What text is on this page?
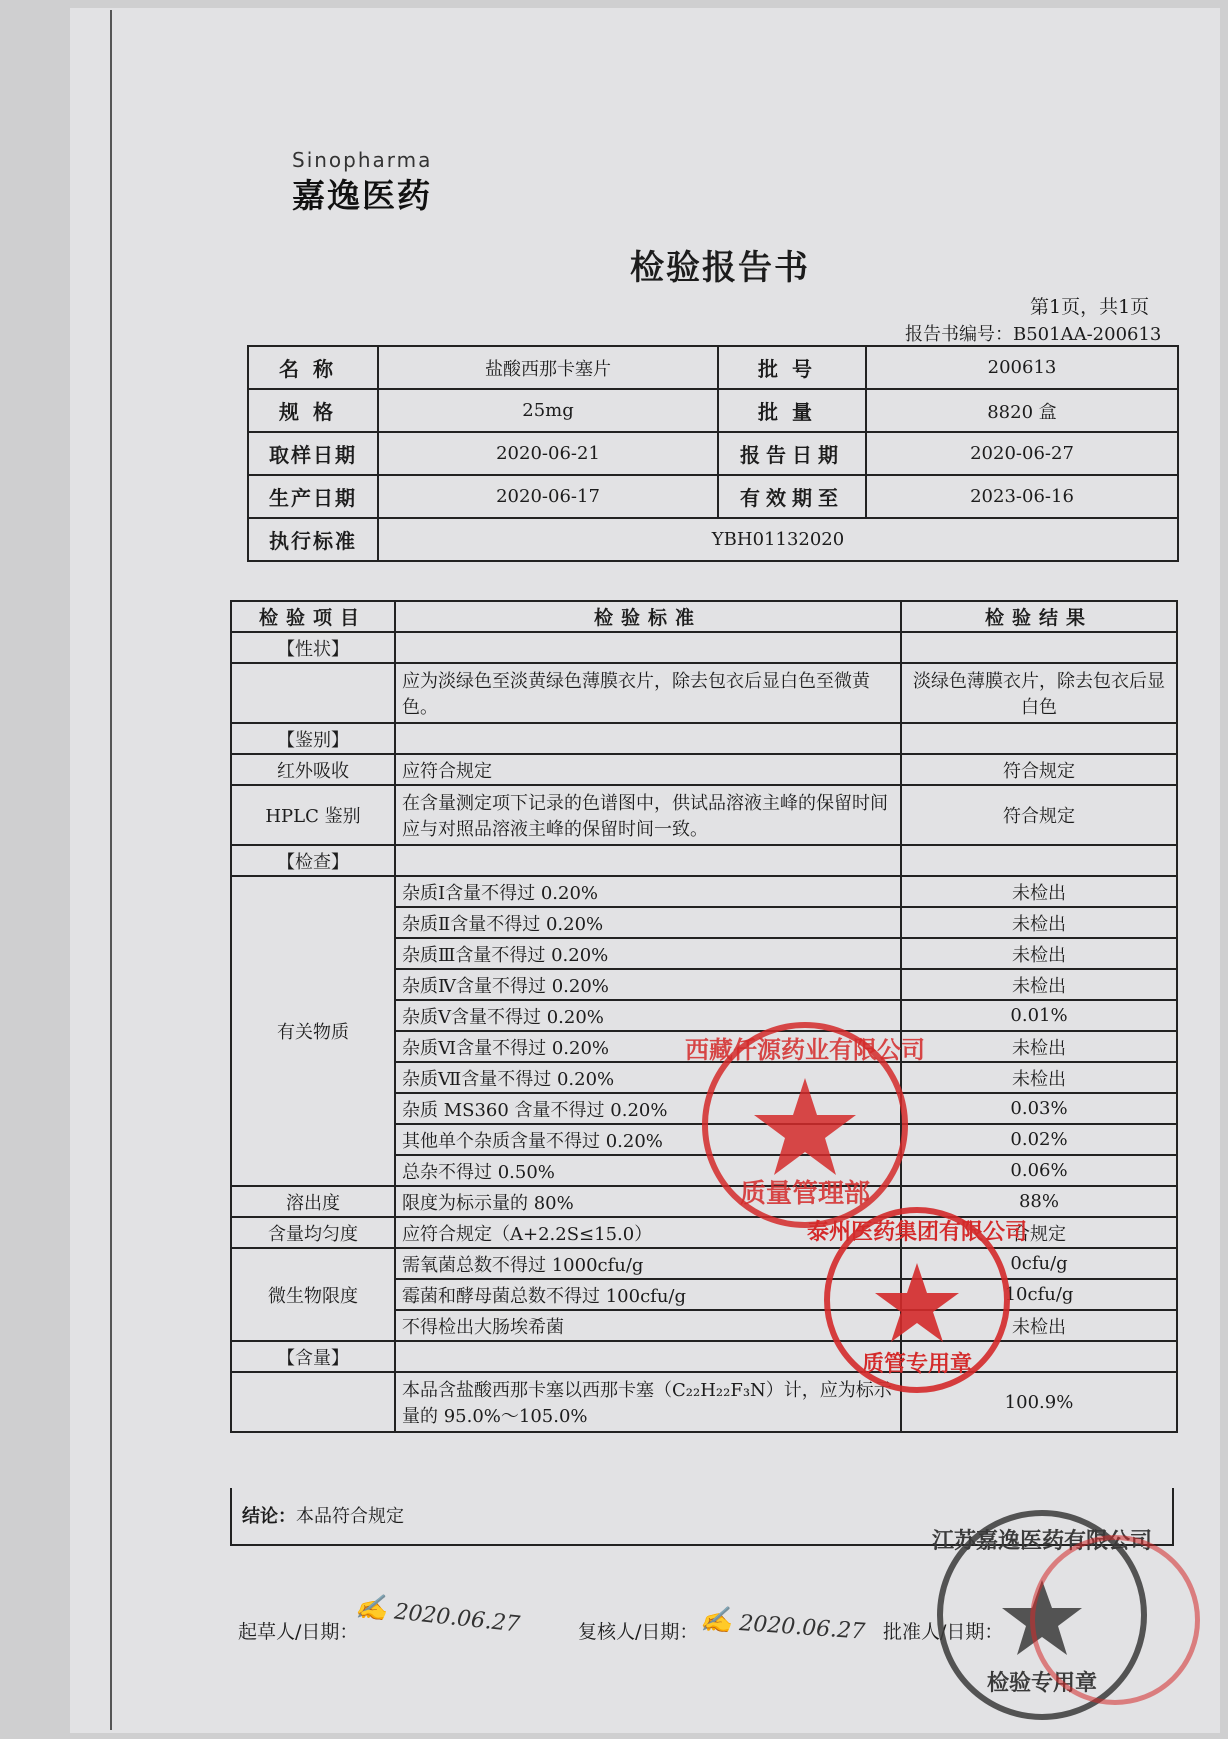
Sinopharma
嘉逸医药
检验报告书
第1页，共1页
报告书编号：B501AA-200613
名称	盐酸西那卡塞片	批号	200613
规格	25mg	批量	8820 盒
取样日期	2020-06-21	报告日期	2020-06-27
生产日期	2020-06-17	有效期至	2023-06-16
执行标准	YBH01132020		
检验项目	检验标准	检验结果
【性状】		
	应为淡绿色至淡黄绿色薄膜衣片，除去包衣后显白色至微黄色。	淡绿色薄膜衣片，除去包衣后显白色
【鉴别】		
红外吸收	应符合规定	符合规定
HPLC 鉴别	在含量测定项下记录的色谱图中，供试品溶液主峰的保留时间应与对照品溶液主峰的保留时间一致。	符合规定
【检查】		
有关物质	杂质Ⅰ含量不得过 0.20%	未检出
	杂质Ⅱ含量不得过 0.20%	未检出
	杂质Ⅲ含量不得过 0.20%	未检出
	杂质Ⅳ含量不得过 0.20%	未检出
	杂质Ⅴ含量不得过 0.20%	0.01%
	杂质Ⅵ含量不得过 0.20%	未检出
	杂质Ⅶ含量不得过 0.20%	未检出
	杂质 MS360 含量不得过 0.20%	0.03%
	其他单个杂质含量不得过 0.20%	0.02%
	总杂不得过 0.50%	0.06%
溶出度	限度为标示量的 80%	88%
含量均匀度	应符合规定（A+2.2S≤15.0）	合规定
微生物限度	需氧菌总数不得过 1000cfu/g	0cfu/g
	霉菌和酵母菌总数不得过 100cfu/g	10cfu/g
	不得检出大肠埃希菌	未检出
【含量】		
	本品含盐酸西那卡塞以西那卡塞（C₂₂H₂₂F₃N）计，应为标示量的 95.0%～105.0%	100.9%
结论：本品符合规定
起草人/日期：
✍ 2020.06.27	复核人/日期： ✍ 2020.06.27 批准人/日期：
西藏仟源药业有限公司
质量管理部
泰州医药集团有限公司
质管专用章
江苏嘉逸医药有限公司
检验专用章
